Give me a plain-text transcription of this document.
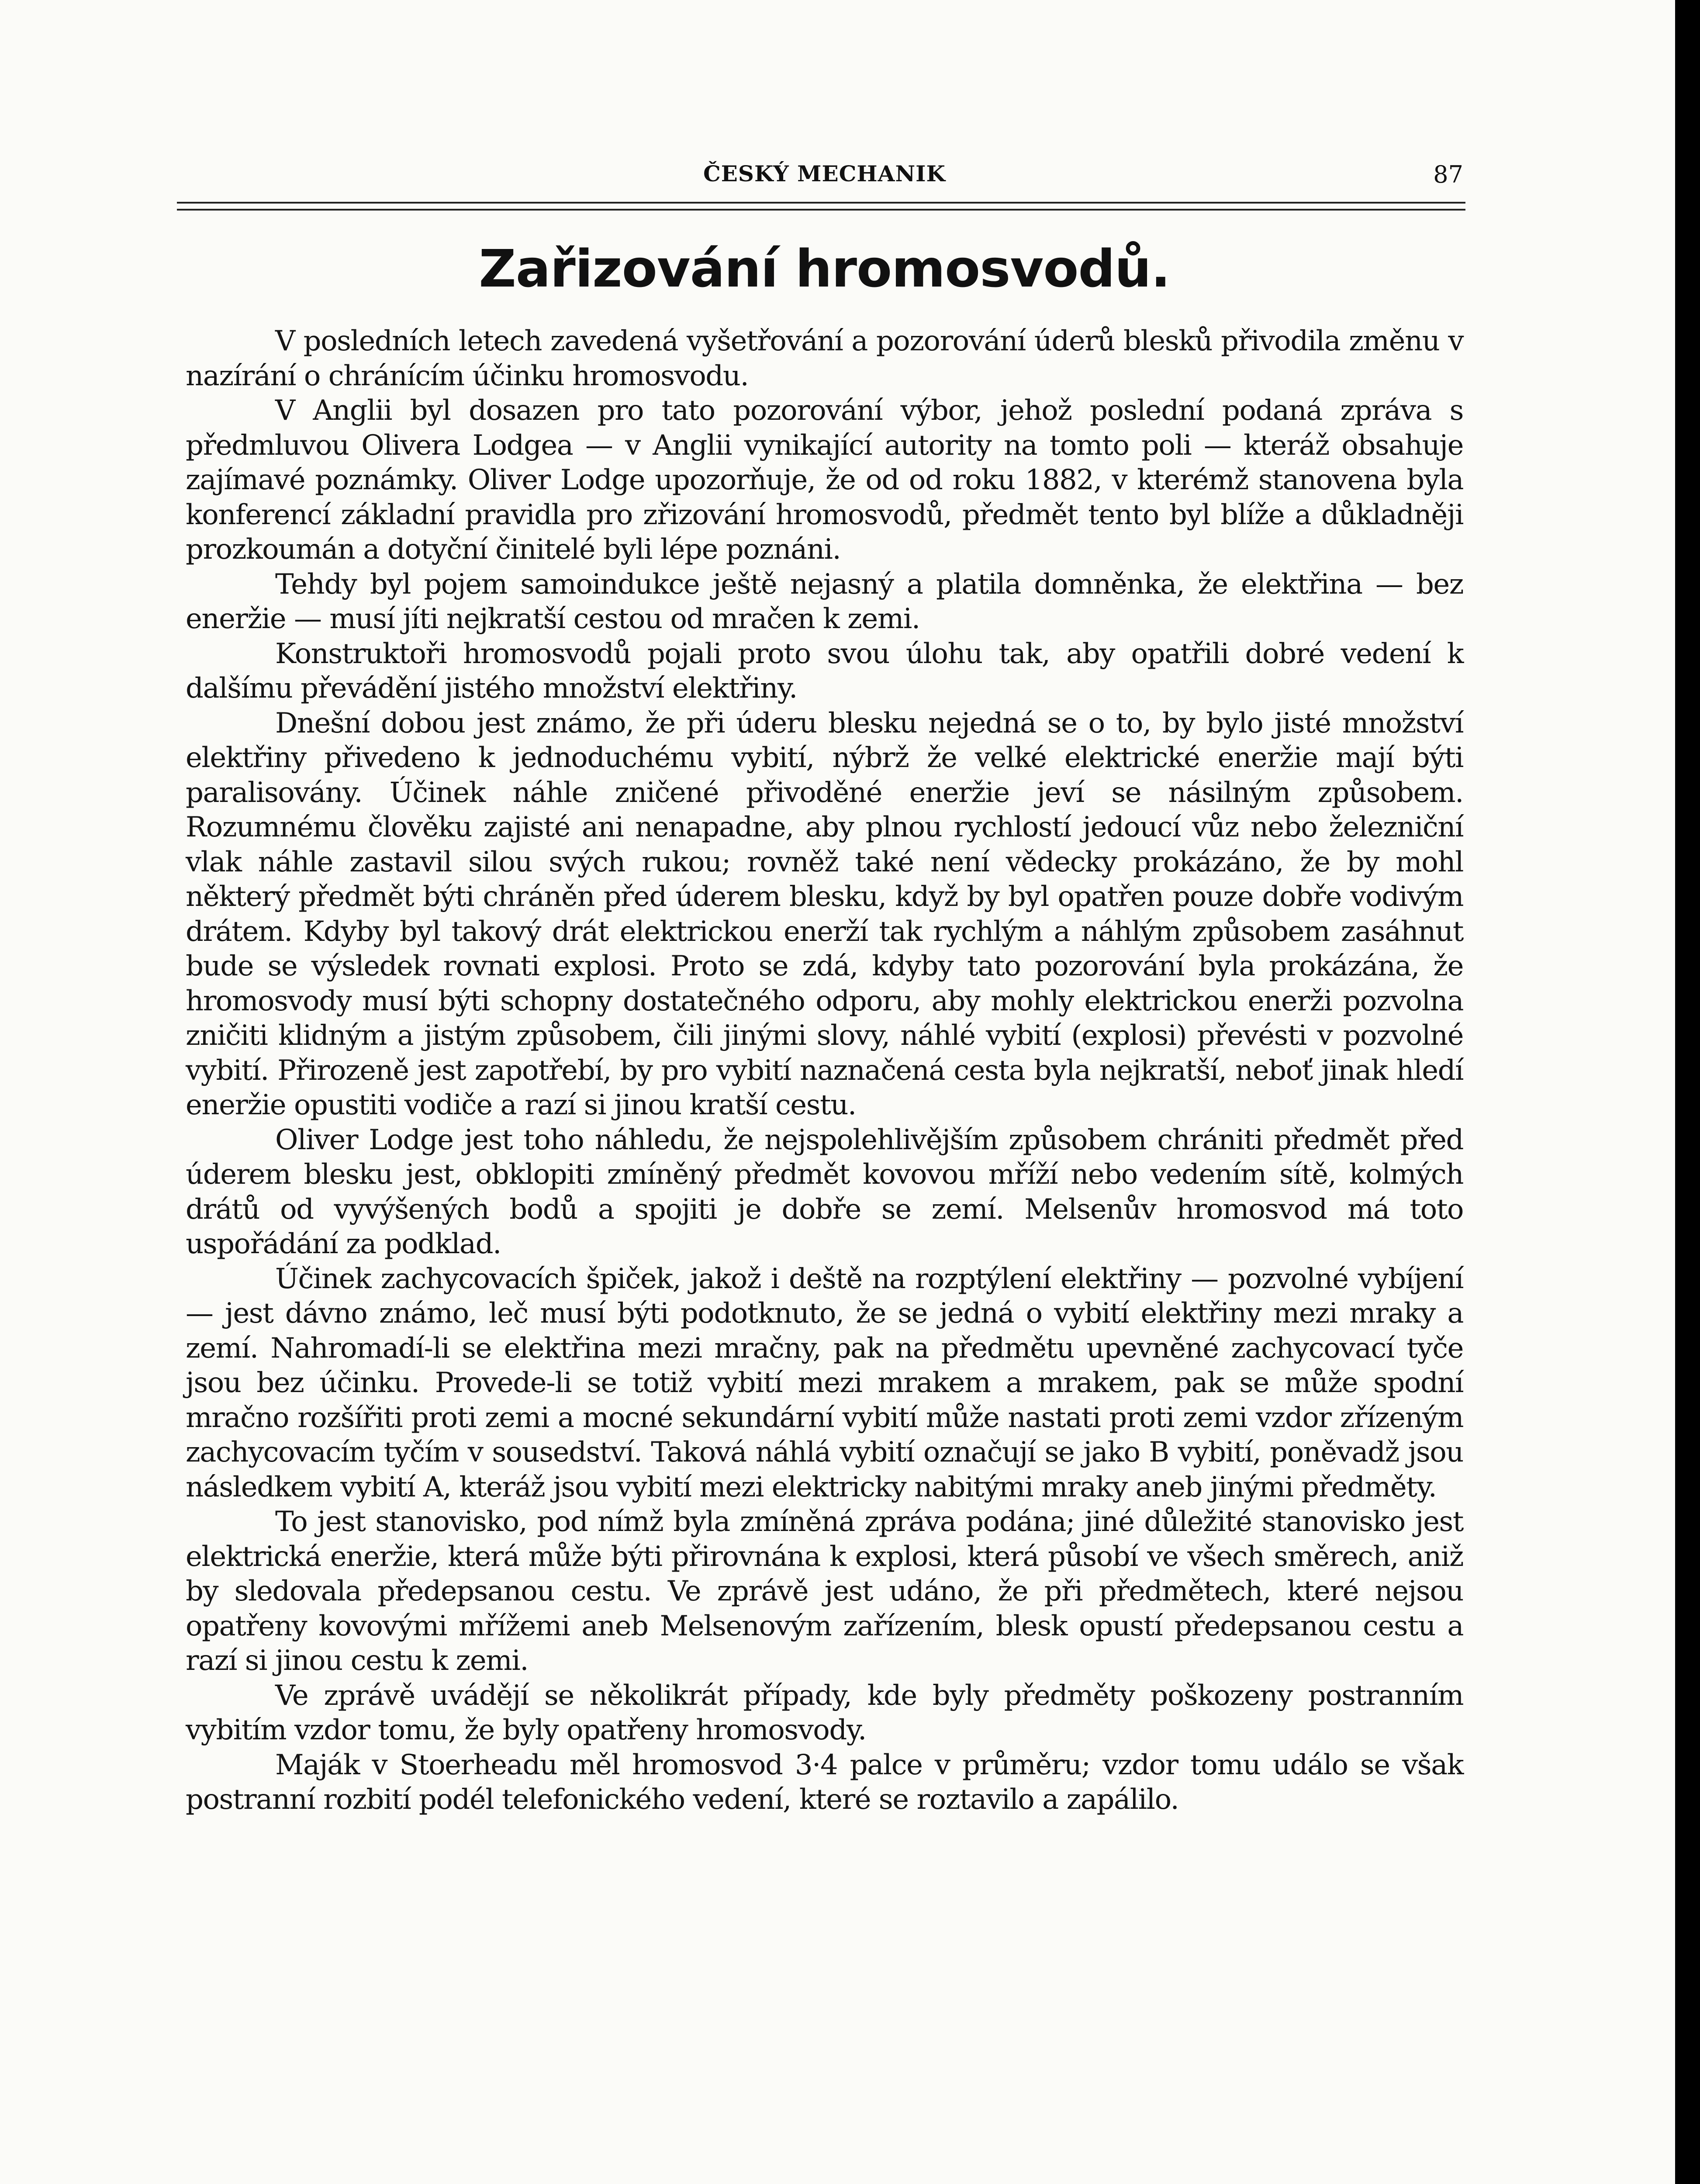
ČESKÝ MECHANIK	87
Zařizování hromosvodů.

V posledních letech zavedená vyšetřování a pozorování úderů blesků přivodila změnu v nazírání o chránícím účinku hromosvodu.

V Anglii byl dosazen pro tato pozorování výbor, jehož poslední podaná zpráva s předmluvou Olivera Lodgea — v Anglii vynikající autority na tomto poli — kteráž obsahuje zajímavé poznámky. Oliver Lodge upozorňuje, že od od roku 1882, v kterémž stanovena byla konferencí základní pravidla pro zřizování hromosvodů, předmět tento byl blíže a důkladněji prozkoumán a dotyční činitelé byli lépe poznáni.

Tehdy byl pojem samoindukce ještě nejasný a platila domněnka, že elektřina — bez eneržie — musí jíti nejkratší cestou od mračen k zemi.

Konstruktoři hromosvodů pojali proto svou úlohu tak, aby opatřili dobré vedení k dalšímu převádění jistého množství elektřiny.

Dnešní dobou jest známo, že při úderu blesku nejedná se o to, by bylo jisté množství elektřiny přivedeno k jednoduchému vybití, nýbrž že velké elektrické eneržie mají býti paralisovány. Účinek náhle zničené přivoděné eneržie jeví se násilným způsobem. Rozumnému člověku zajisté ani nenapadne, aby plnou rychlostí jedoucí vůz nebo železniční vlak náhle zastavil silou svých rukou; rovněž také není vědecky prokázáno, že by mohl některý předmět býti chráněn před úderem blesku, když by byl opatřen pouze dobře vodivým drátem. Kdyby byl takový drát elektrickou enerží tak rychlým a náhlým způsobem zasáhnut bude se výsledek rovnati explosi. Proto se zdá, kdyby tato pozorování byla prokázána, že hromosvody musí býti schopny dostatečného odporu, aby mohly elektrickou enerži pozvolna zničiti klidným a jistým způsobem, čili jinými slovy, náhlé vybití (explosi) převésti v pozvolné vybití. Přirozeně jest zapotřebí, by pro vybití naznačená cesta byla nejkratší, neboť jinak hledí eneržie opustiti vodiče a razí si jinou kratší cestu.

Oliver Lodge jest toho náhledu, že nejspolehlivějším způsobem chrániti předmět před úderem blesku jest, obklopiti zmíněný předmět kovovou mříží nebo vedením sítě, kolmých drátů od vyvýšených bodů a spojiti je dobře se zemí. Melsenův hromosvod má toto uspořádání za podklad.

Účinek zachycovacích špiček, jakož i deště na rozptýlení elektřiny — pozvolné vybíjení — jest dávno známo, leč musí býti podotknuto, že se jedná o vybití elektřiny mezi mraky a zemí. Nahromadí-li se elektřina mezi mračny, pak na předmětu upevněné zachycovací tyče jsou bez účinku. Provede-li se totiž vybití mezi mrakem a mrakem, pak se může spodní mračno rozšířiti proti zemi a mocné sekundární vybití může nastati proti zemi vzdor zřízeným zachycovacím tyčím v sousedství. Taková náhlá vybití označují se jako B vybití, poněvadž jsou následkem vybití A, kteráž jsou vybití mezi elektricky nabitými mraky aneb jinými předměty.

To jest stanovisko, pod nímž byla zmíněná zpráva podána; jiné důležité stanovisko jest elektrická eneržie, která může býti přirovnána k explosi, která působí ve všech směrech, aniž by sledovala předepsanou cestu. Ve zprávě jest udáno, že při předmětech, které nejsou opatřeny kovovými mřížemi aneb Melsenovým zařízením, blesk opustí předepsanou cestu a razí si jinou cestu k zemi.

Ve zprávě uvádějí se několikrát případy, kde byly předměty poškozeny postranním vybitím vzdor tomu, že byly opatřeny hromosvody.

Maják v Stoerheadu měl hromosvod 3·4 palce v průměru; vzdor tomu událo se však postranní rozbití podél telefonického vedení, které se roztavilo a zapálilo.
